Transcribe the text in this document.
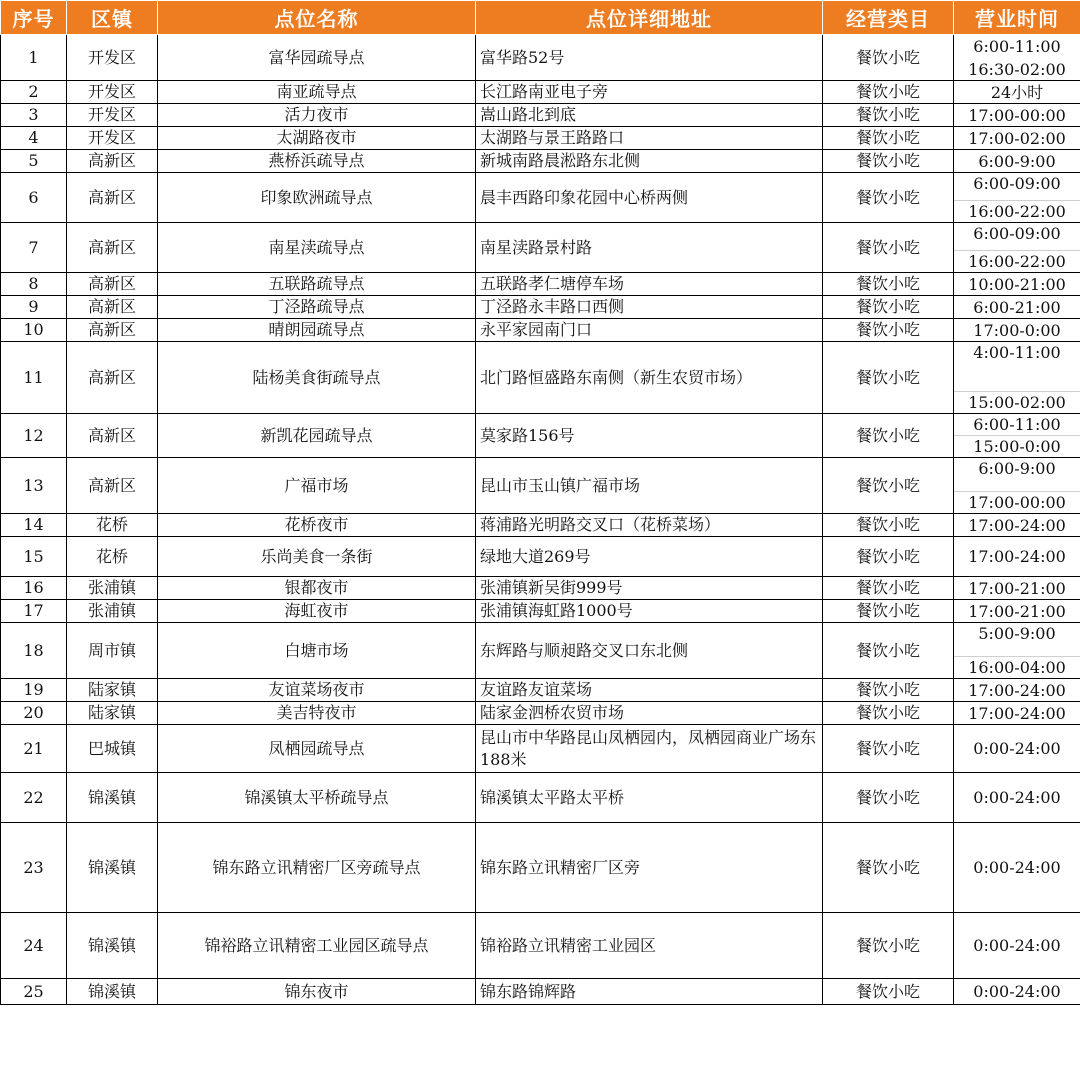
序号	区镇	点位名称	点位详细地址	经营类目	营业时间
1	开发区	富华园疏导点	富华路52号	餐饮小吃	6:00-11:00
16:30-02:00

2	开发区	南亚疏导点	长江路南亚电子旁	餐饮小吃	24小时

3	开发区	活力夜市	嵩山路北到底	餐饮小吃	17:00-00:00

4	开发区	太湖路夜市	太湖路与景王路路口	餐饮小吃	17:00-02:00

5	高新区	燕桥浜疏导点	新城南路晨淞路东北侧	餐饮小吃	6:00-9:00

6	高新区	印象欧洲疏导点	晨丰西路印象花园中心桥两侧	餐饮小吃	6:00-09:00
16:00-22:00

7	高新区	南星渎疏导点	南星渎路景村路	餐饮小吃	6:00-09:00
16:00-22:00

8	高新区	五联路疏导点	五联路孝仁塘停车场	餐饮小吃	10:00-21:00

9	高新区	丁泾路疏导点	丁泾路永丰路口西侧	餐饮小吃	6:00-21:00

10	高新区	晴朗园疏导点	永平家园南门口	餐饮小吃	17:00-0:00

11	高新区	陆杨美食街疏导点	北门路恒盛路东南侧（新生农贸市场）	餐饮小吃	4:00-11:00
15:00-02:00

12	高新区	新凯花园疏导点	莫家路156号	餐饮小吃	6:00-11:00
15:00-0:00

13	高新区	广福市场	昆山市玉山镇广福市场	餐饮小吃	6:00-9:00
17:00-00:00

14	花桥	花桥夜市	蒋浦路光明路交叉口（花桥菜场）	餐饮小吃	17:00-24:00

15	花桥	乐尚美食一条街	绿地大道269号	餐饮小吃	17:00-24:00

16	张浦镇	银都夜市	张浦镇新吴街999号	餐饮小吃	17:00-21:00

17	张浦镇	海虹夜市	张浦镇海虹路1000号	餐饮小吃	17:00-21:00

18	周市镇	白塘市场	东辉路与顺昶路交叉口东北侧	餐饮小吃	5:00-9:00
16:00-04:00

19	陆家镇	友谊菜场夜市	友谊路友谊菜场	餐饮小吃	17:00-24:00

20	陆家镇	美吉特夜市	陆家金泗桥农贸市场	餐饮小吃	17:00-24:00

21	巴城镇	凤栖园疏导点	昆山市中华路昆山凤栖园内，凤栖园商业广场东188米	餐饮小吃	0:00-24:00

22	锦溪镇	锦溪镇太平桥疏导点	锦溪镇太平路太平桥	餐饮小吃	0:00-24:00

23	锦溪镇	锦东路立讯精密厂区旁疏导点	锦东路立讯精密厂区旁	餐饮小吃	0:00-24:00

24	锦溪镇	锦裕路立讯精密工业园区疏导点	锦裕路立讯精密工业园区	餐饮小吃	0:00-24:00

25	锦溪镇	锦东夜市	锦东路锦辉路	餐饮小吃	0:00-24:00
